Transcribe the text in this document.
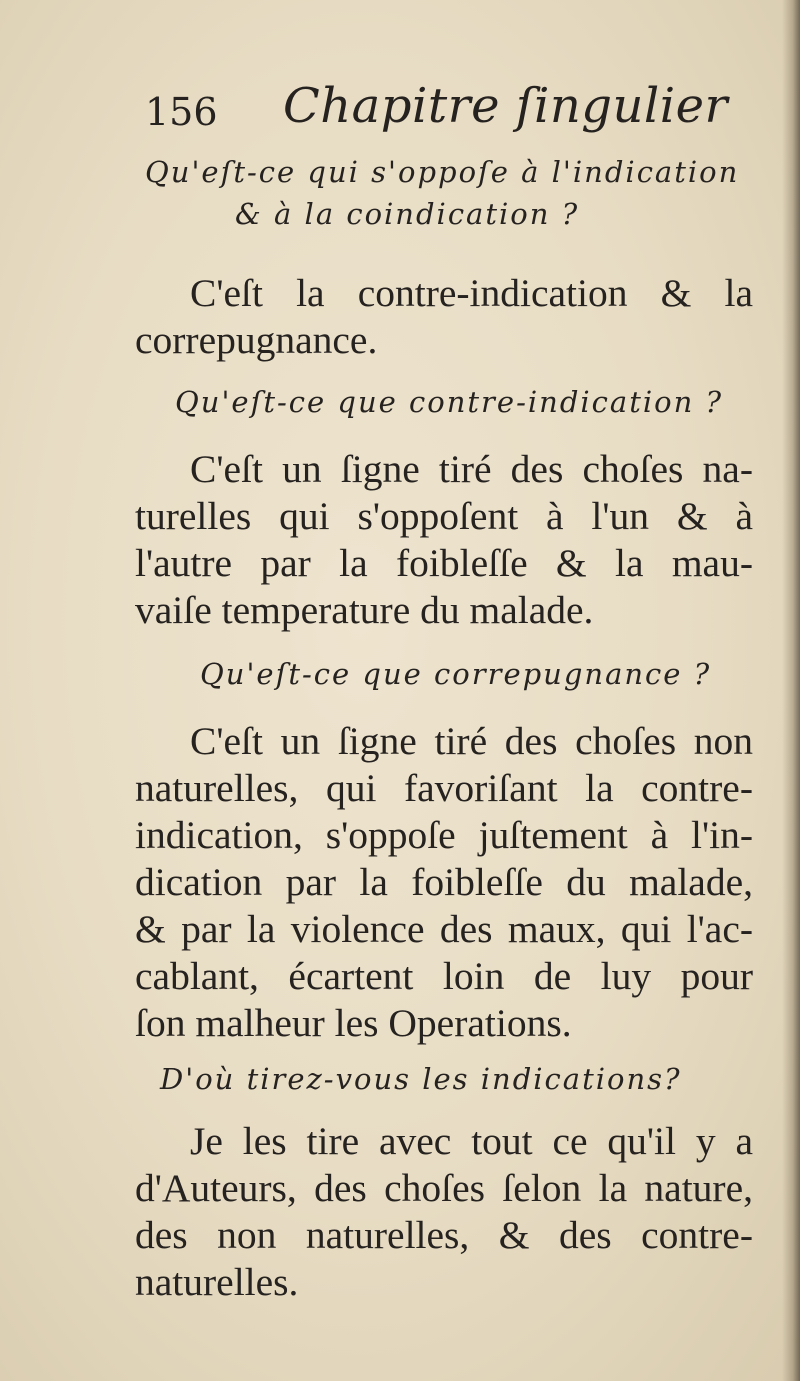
156 Chapitre ſingulier
Qu'eſt-ce qui s'oppoſe à l'indication
& à la coindication ?
C'eſt la contre-indication & la
correpugnance.
Qu'eſt-ce que contre-indication ?
C'eſt un ſigne tiré des choſes na-
turelles qui s'oppoſent à l'un & à
l'autre par la foibleſſe & la mau-
vaiſe temperature du malade.
Qu'eſt-ce que correpugnance ?
C'eſt un ſigne tiré des choſes non
naturelles, qui favoriſant la contre-
indication, s'oppoſe juſtement à l'in-
dication par la foibleſſe du malade,
& par la violence des maux, qui l'ac-
cablant, écartent loin de luy pour
ſon malheur les Operations.
D'où tirez-vous les indications?
Je les tire avec tout ce qu'il y a
d'Auteurs, des choſes ſelon la nature,
des non naturelles, & des contre-
naturelles.
